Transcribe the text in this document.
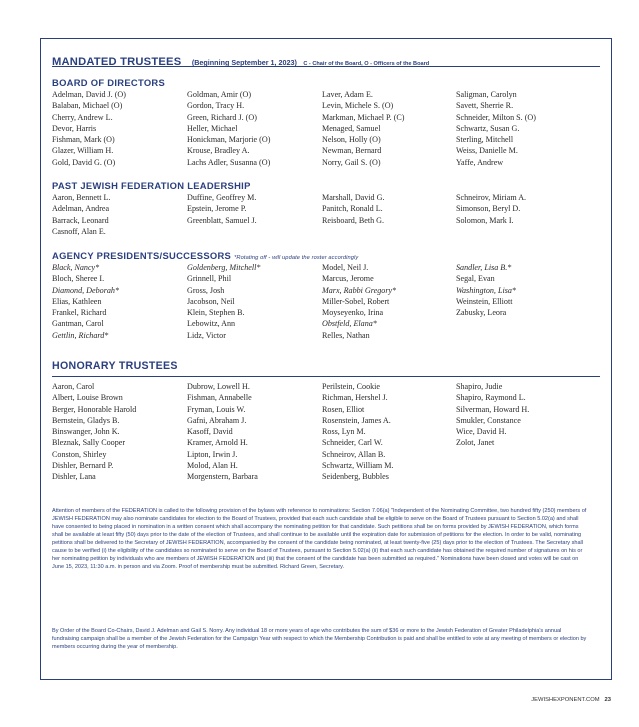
MANDATED TRUSTEES (Beginning September 1, 2023) C - Chair of the Board, O - Officers of the Board
BOARD OF DIRECTORS
Adelman, David J. (O)
Balaban, Michael (O)
Cherry, Andrew L.
Devor, Harris
Fishman, Mark (O)
Glazer, William H.
Gold, David G. (O)
Goldman, Amir (O)
Gordon, Tracy H.
Green, Richard J. (O)
Heller, Michael
Honickman, Marjorie (O)
Krouse, Bradley A.
Lachs Adler, Susanna (O)
Laver, Adam E.
Levin, Michele S. (O)
Markman, Michael P. (C)
Menaged, Samuel
Nelson, Holly (O)
Newman, Bernard
Norry, Gail S. (O)
Saligman, Carolyn
Savett, Sherrie R.
Schneider, Milton S. (O)
Schwartz, Susan G.
Sterling, Mitchell
Weiss, Danielle M.
Yaffe, Andrew
PAST JEWISH FEDERATION LEADERSHIP
Aaron, Bennett L.
Adelman, Andrea
Barrack, Leonard
Casnoff, Alan E.
Duffine, Geoffrey M.
Epstein, Jerome P.
Greenblatt, Samuel J.
Marshall, David G.
Panitch, Ronald L.
Reisboard, Beth G.
Schneirov, Miriam A.
Simonson, Beryl D.
Solomon, Mark I.
AGENCY PRESIDENTS/SUCCESSORS *Rotating off - will update the roster accordingly
Black, Nancy*
Bloch, Sheree I.
Diamond, Deborah*
Elias, Kathleen
Frankel, Richard
Gantman, Carol
Gettlin, Richard*
Goldenberg, Mitchell*
Grinnell, Phil
Gross, Josh
Jacobson, Neil
Klein, Stephen B.
Lebowitz, Ann
Lidz, Victor
Model, Neil J.
Marcus, Jerome
Marx, Rabbi Gregory*
Miller-Sobel, Robert
Moyseyenko, Irina
Obstfeld, Elana*
Relles, Nathan
Sandler, Lisa B.*
Segal, Evan
Washington, Lisa*
Weinstein, Elliott
Zabusky, Leora
HONORARY TRUSTEES
Aaron, Carol
Albert, Louise Brown
Berger, Honorable Harold
Bernstein, Gladys B.
Binswanger, John K.
Bleznak, Sally Cooper
Conston, Shirley
Dishler, Bernard P.
Dishler, Lana
Dubrow, Lowell H.
Fishman, Annabelle
Fryman, Louis W.
Gafni, Abraham J.
Kasoff, David
Kramer, Arnold H.
Lipton, Irwin J.
Molod, Alan H.
Morgenstern, Barbara
Perilstein, Cookie
Richman, Hershel J.
Rosen, Elliot
Rosenstein, James A.
Ross, Lyn M.
Schneider, Carl W.
Schneirov, Allan B.
Schwartz, William M.
Seidenberg, Bubbles
Shapiro, Judie
Shapiro, Raymond L.
Silverman, Howard H.
Smukler, Constance
Wice, David H.
Zolot, Janet

Attention of members of the FEDERATION is called to the following provision of the bylaws with reference to nominations: Section 7.06(a) "Independent of the Nominating Committee, two hundred fifty (250) members of JEWISH FEDERATION may also nominate candidates for election to the Board of Trustees, provided that each such candidate shall be eligible to serve on the Board of Trustees pursuant to Section 5.02(a) and shall have consented to being placed in nomination in a written consent which shall accompany the nominating petition for that candidate. Such petitions shall be on forms provided by JEWISH FEDERATION, which forms shall be available at least fifty (50) days prior to the date of the election of Trustees, and shall continue to be available until the expiration date for submission of petitions for the election. In order to be valid, nominating petitions shall be delivered to the Secretary of JEWISH FEDERATION, accompanied by the consent of the candidate being nominated, at least twenty-five (25) days prior to the election of Trustees. The Secretary shall cause to be verified (i) the eligibility of the candidates so nominated to serve on the Board of Trustees, pursuant to Section 5.02(a) (ii) that each such candidate has obtained the required number of signatures on his or her nominating petition by individuals who are members of JEWISH FEDERATION and (iii) that the consent of the candidate has been submitted as required." Nominations have been closed and votes will be cast on June 15, 2023, 11:30 a.m. in person and via Zoom. Proof of membership must be submitted. Richard Green, Secretary.

By Order of the Board Co-Chairs, David J. Adelman and Gail S. Norry. Any individual 18 or more years of age who contributes the sum of $36 or more to the Jewish Federation of Greater Philadelphia's annual fundraising campaign shall be a member of the Jewish Federation for the Campaign Year with respect to which the Membership Contribution is paid and shall be entitled to vote at any meeting of members or election by members occurring during the year of membership.

JEWISHEXPONENT.COM 23
